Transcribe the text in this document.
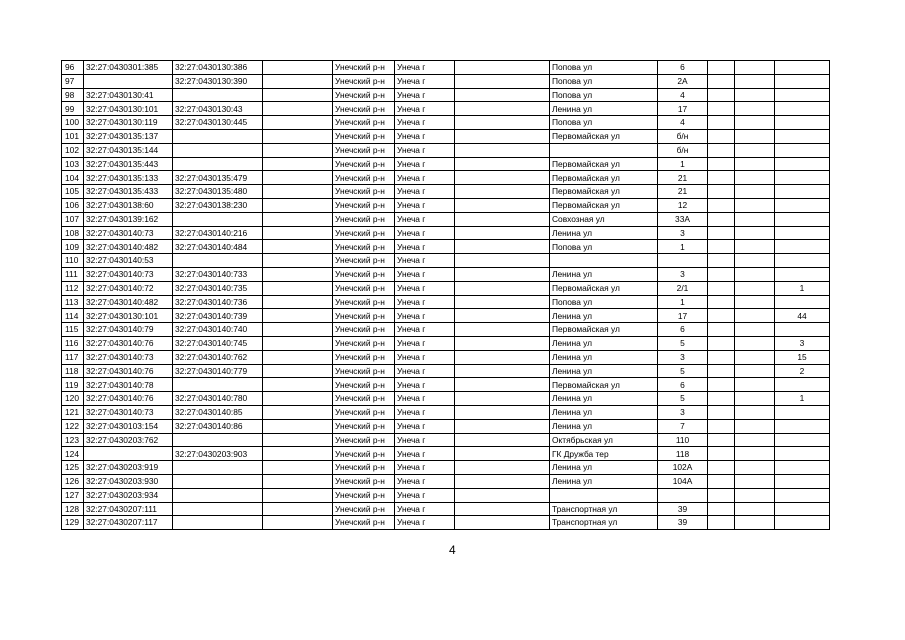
96	32:27:0430301:385	32:27:0430130:386		Унечский р-н	Унеча г		Попова ул	6			
97		32:27:0430130:390		Унечский р-н	Унеча г		Попова ул	2А			
98	32:27:0430130:41			Унечский р-н	Унеча г		Попова ул	4			
99	32:27:0430130:101	32:27:0430130:43		Унечский р-н	Унеча г		Ленина ул	17			
100	32:27:0430130:119	32:27:0430130:445		Унечский р-н	Унеча г		Попова ул	4			
101	32:27:0430135:137			Унечский р-н	Унеча г		Первомайская ул	б/н			
102	32:27:0430135:144			Унечский р-н	Унеча г			б/н			
103	32:27:0430135:443			Унечский р-н	Унеча г		Первомайская ул	1			
104	32:27:0430135:133	32:27:0430135:479		Унечский р-н	Унеча г		Первомайская ул	21			
105	32:27:0430135:433	32:27:0430135:480		Унечский р-н	Унеча г		Первомайская ул	21			
106	32:27:0430138:60	32:27:0430138:230		Унечский р-н	Унеча г		Первомайская ул	12			
107	32:27:0430139:162			Унечский р-н	Унеча г		Совхозная ул	33А			
108	32:27:0430140:73	32:27:0430140:216		Унечский р-н	Унеча г		Ленина ул	3			
109	32:27:0430140:482	32:27:0430140:484		Унечский р-н	Унеча г		Попова ул	1			
110	32:27:0430140:53			Унечский р-н	Унеча г						
111	32:27:0430140:73	32:27:0430140:733		Унечский р-н	Унеча г		Ленина ул	3			
112	32:27:0430140:72	32:27:0430140:735		Унечский р-н	Унеча г		Первомайская ул	2/1			1
113	32:27:0430140:482	32:27:0430140:736		Унечский р-н	Унеча г		Попова ул	1			
114	32:27:0430130:101	32:27:0430140:739		Унечский р-н	Унеча г		Ленина ул	17			44
115	32:27:0430140:79	32:27:0430140:740		Унечский р-н	Унеча г		Первомайская ул	6			
116	32:27:0430140:76	32:27:0430140:745		Унечский р-н	Унеча г		Ленина ул	5			3
117	32:27:0430140:73	32:27:0430140:762		Унечский р-н	Унеча г		Ленина ул	3			15
118	32:27:0430140:76	32:27:0430140:779		Унечский р-н	Унеча г		Ленина ул	5			2
119	32:27:0430140:78			Унечский р-н	Унеча г		Первомайская ул	6			
120	32:27:0430140:76	32:27:0430140:780		Унечский р-н	Унеча г		Ленина ул	5			1
121	32:27:0430140:73	32:27:0430140:85		Унечский р-н	Унеча г		Ленина ул	3			
122	32:27:0430103:154	32:27:0430140:86		Унечский р-н	Унеча г		Ленина ул	7			
123	32:27:0430203:762			Унечский р-н	Унеча г		Октябрьская ул	110			
124		32:27:0430203:903		Унечский р-н	Унеча г		ГК Дружба тер	118			
125	32:27:0430203:919			Унечский р-н	Унеча г		Ленина ул	102А			
126	32:27:0430203:930			Унечский р-н	Унеча г		Ленина ул	104А			
127	32:27:0430203:934			Унечский р-н	Унеча г						
128	32:27:0430207:111			Унечский р-н	Унеча г		Транспортная ул	39			
129	32:27:0430207:117			Унечский р-н	Унеча г		Транспортная ул	39			
4
